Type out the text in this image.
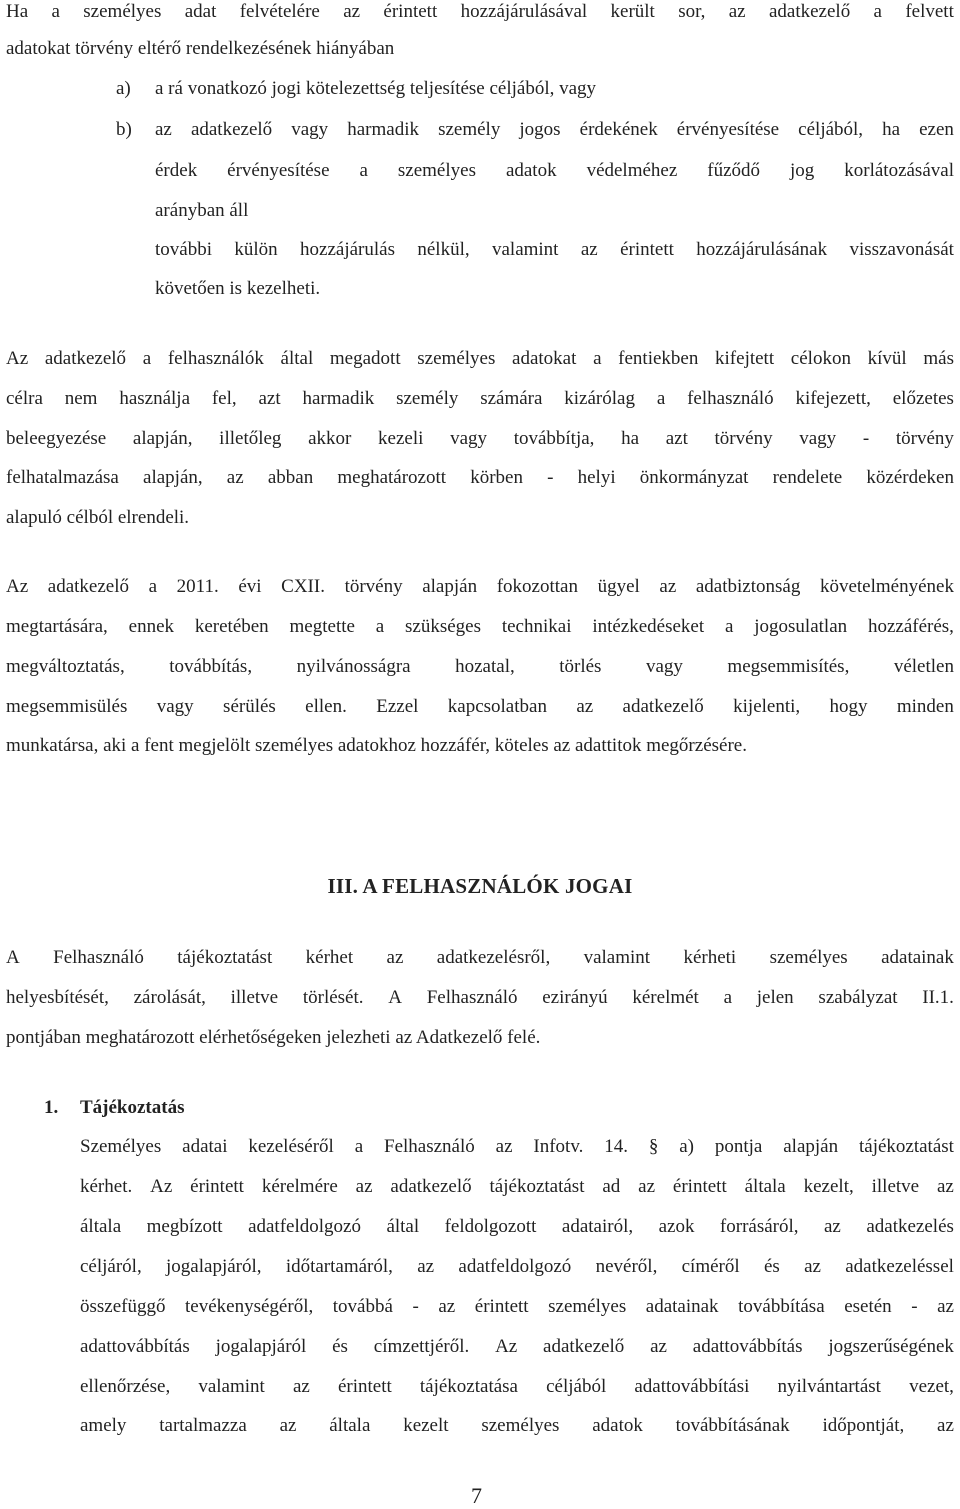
Ha a személyes adat felvételére az érintett hozzájárulásával került sor, az adatkezelő a felvett
adatokat törvény eltérő rendelkezésének hiányában
a) a rá vonatkozó jogi kötelezettség teljesítése céljából, vagy
b) az adatkezelő vagy harmadik személy jogos érdekének érvényesítése céljából, ha ezen
érdek érvényesítése a személyes adatok védelméhez fűződő jog korlátozásával
arányban áll
további külön hozzájárulás nélkül, valamint az érintett hozzájárulásának visszavonását
követően is kezelheti.
Az adatkezelő a felhasználók által megadott személyes adatokat a fentiekben kifejtett célokon kívül más
célra nem használja fel, azt harmadik személy számára kizárólag a felhasználó kifejezett, előzetes
beleegyezése alapján, illetőleg akkor kezeli vagy továbbítja, ha azt törvény vagy - törvény
felhatalmazása alapján, az abban meghatározott körben - helyi önkormányzat rendelete közérdeken
alapuló célból elrendeli.
Az adatkezelő a 2011. évi CXII. törvény alapján fokozottan ügyel az adatbiztonság követelményének
megtartására, ennek keretében megtette a szükséges technikai intézkedéseket a jogosulatlan hozzáférés,
megváltoztatás, továbbítás, nyilvánosságra hozatal, törlés vagy megsemmisítés, véletlen
megsemmisülés vagy sérülés ellen. Ezzel kapcsolatban az adatkezelő kijelenti, hogy minden
munkatársa, aki a fent megjelölt személyes adatokhoz hozzáfér, köteles az adattitok megőrzésére.
III. A FELHASZNÁLÓK JOGAI
A Felhasználó tájékoztatást kérhet az adatkezelésről, valamint kérheti személyes adatainak
helyesbítését, zárolását, illetve törlését. A Felhasználó ezirányú kérelmét a jelen szabályzat II.1.
pontjában meghatározott elérhetőségeken jelezheti az Adatkezelő felé.
1. Tájékoztatás
Személyes adatai kezeléséről a Felhasználó az Infotv. 14. § a) pontja alapján tájékoztatást
kérhet. Az érintett kérelmére az adatkezelő tájékoztatást ad az érintett általa kezelt, illetve az
általa megbízott adatfeldolgozó által feldolgozott adatairól, azok forrásáról, az adatkezelés
céljáról, jogalapjáról, időtartamáról, az adatfeldolgozó nevéről, címéről és az adatkezeléssel
összefüggő tevékenységéről, továbbá - az érintett személyes adatainak továbbítása esetén - az
adattovábbítás jogalapjáról és címzettjéről. Az adatkezelő az adattovábbítás jogszerűségének
ellenőrzése, valamint az érintett tájékoztatása céljából adattovábbítási nyilvántartást vezet,
amely tartalmazza az általa kezelt személyes adatok továbbításának időpontját, az
7
